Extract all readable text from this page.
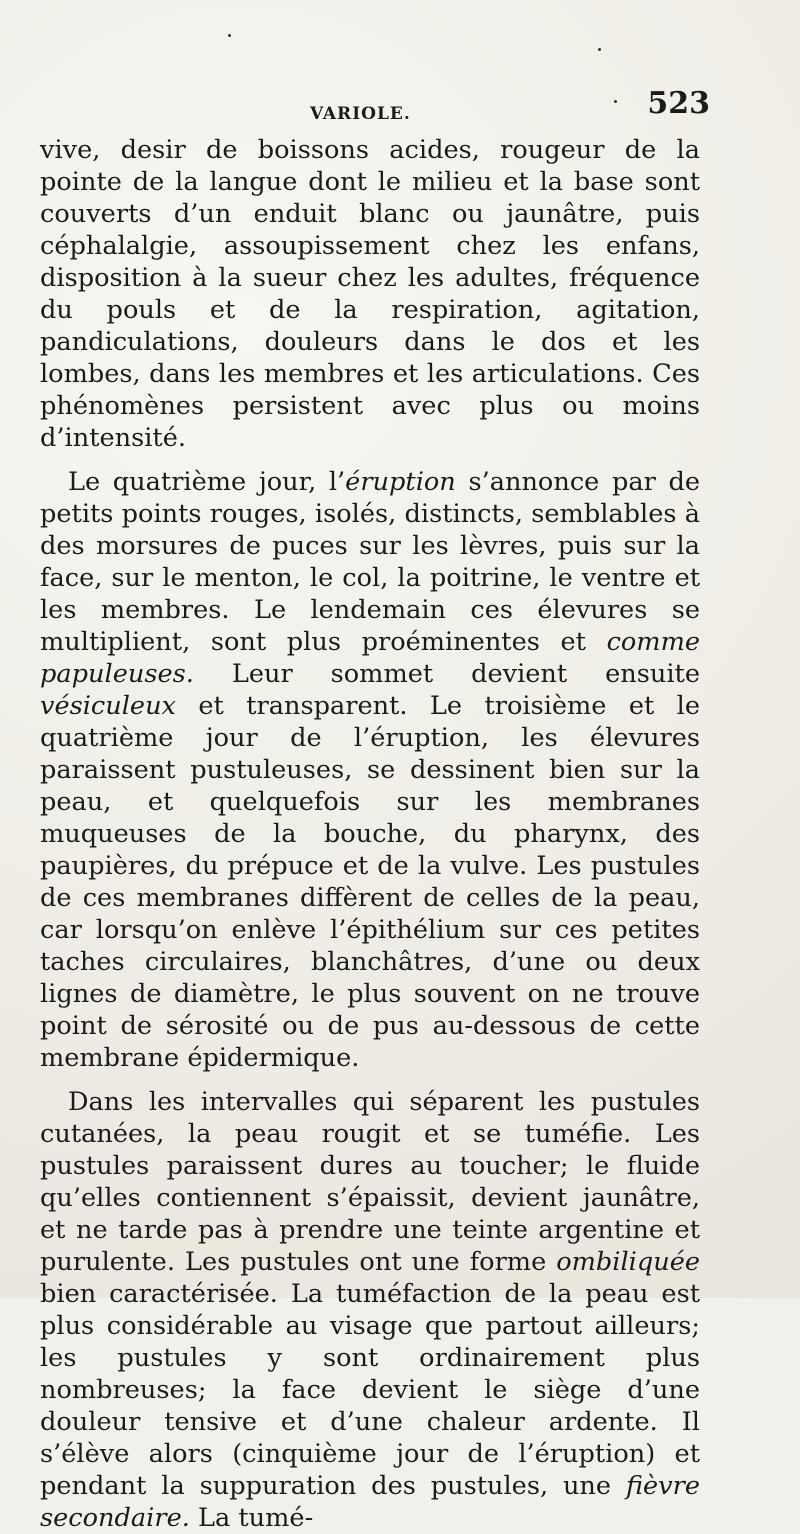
VARIOLE.	523

vive, desir de boissons acides, rougeur de la pointe de la langue dont le milieu et la base sont couverts d’un enduit blanc ou jaunâtre, puis céphalalgie, assoupissement chez les enfans, disposition à la sueur chez les adultes, fréquence du pouls et de la respiration, agitation, pandiculations, douleurs dans le dos et les lombes, dans les membres et les articulations. Ces phénomènes persistent avec plus ou moins d’intensité.

Le quatrième jour, l’éruption s’annonce par de petits points rouges, isolés, distincts, semblables à des morsures de puces sur les lèvres, puis sur la face, sur le menton, le col, la poitrine, le ventre et les membres. Le lendemain ces élevures se multiplient, sont plus proéminentes et comme papuleuses. Leur sommet devient ensuite vésiculeux et transparent. Le troisième et le quatrième jour de l’éruption, les élevures paraissent pustuleuses, se dessinent bien sur la peau, et quelquefois sur les membranes muqueuses de la bouche, du pharynx, des paupières, du prépuce et de la vulve. Les pustules de ces membranes diffèrent de celles de la peau, car lorsqu’on enlève l’épithélium sur ces petites taches circulaires, blanchâtres, d’une ou deux lignes de diamètre, le plus souvent on ne trouve point de sérosité ou de pus au-dessous de cette membrane épidermique.

Dans les intervalles qui séparent les pustules cutanées, la peau rougit et se tuméfie. Les pustules paraissent dures au toucher; le fluide qu’elles contiennent s’épaissit, devient jaunâtre, et ne tarde pas à prendre une teinte argentine et purulente. Les pustules ont une forme ombiliquée bien caractérisée. La tuméfaction de la peau est plus considérable au visage que partout ailleurs; les pustules y sont ordinairement plus nombreuses; la face devient le siège d’une douleur tensive et d’une chaleur ardente. Il s’élève alors (cinquième jour de l’éruption) et pendant la suppuration des pustules, une fièvre secondaire. La tumé-
